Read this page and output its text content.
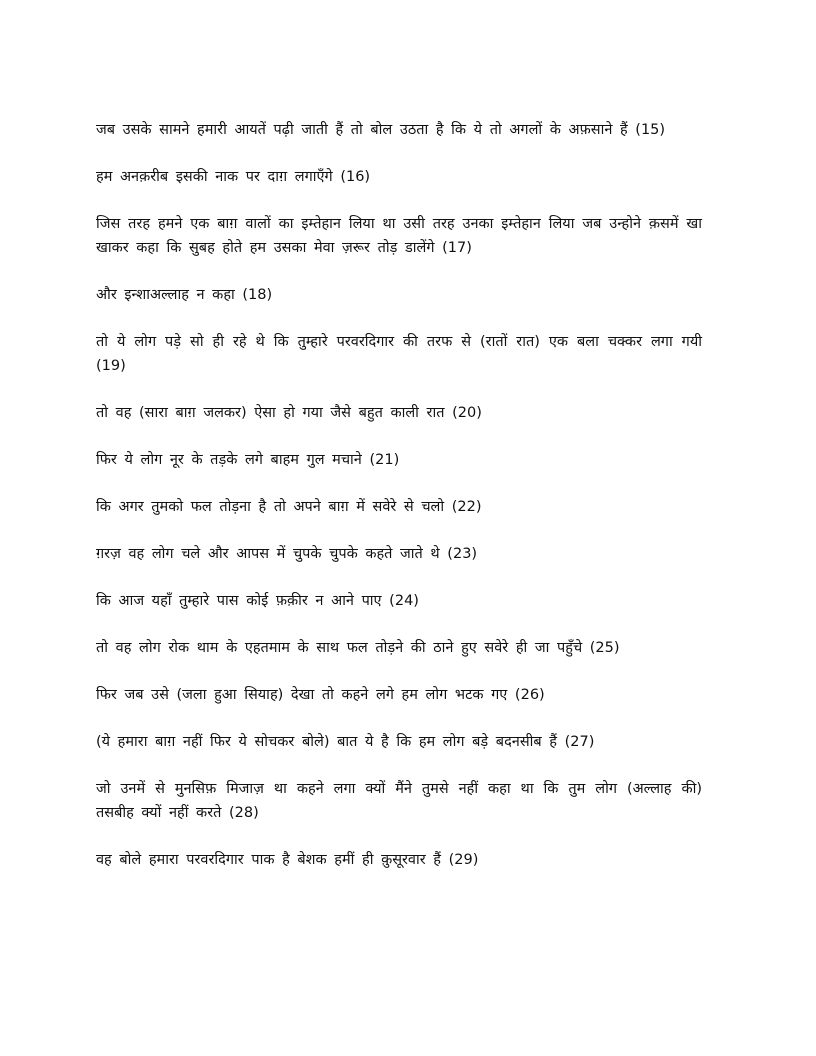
जब उसके सामने हमारी आयतें पढ़ी जाती हैं तो बोल उठता है कि ये तो अगलों के अफ़साने हैं (15)

हम अनक़रीब इसकी नाक पर दाग़ लगाएँगे (16)

जिस तरह हमने एक बाग़ वालों का इम्तेहान लिया था उसी तरह उनका इम्तेहान लिया जब उन्होने क़समें खा खाकर कहा कि सुबह होते हम उसका मेवा ज़रूर तोड़ डालेंगे (17)

और इन्शाअल्लाह न कहा (18)

तो ये लोग पड़े सो ही रहे थे कि तुम्हारे परवरदिगार की तरफ से (रातों रात) एक बला चक्कर लगा गयी (19)

तो वह (सारा बाग़ जलकर) ऐसा हो गया जैसे बहुत काली रात (20)

फिर ये लोग नूर के तड़के लगे बाहम गुल मचाने (21)

कि अगर तुमको फल तोड़ना है तो अपने बाग़ में सवेरे से चलो (22)

ग़रज़ वह लोग चले और आपस में चुपके चुपके कहते जाते थे (23)

कि आज यहाँ तुम्हारे पास कोई फ़क़ीर न आने पाए (24)

तो वह लोग रोक थाम के एहतमाम के साथ फल तोड़ने की ठाने हुए सवेरे ही जा पहुँचे (25)

फिर जब उसे (जला हुआ सियाह) देखा तो कहने लगे हम लोग भटक गए (26)

(ये हमारा बाग़ नहीं फिर ये सोचकर बोले) बात ये है कि हम लोग बड़े बदनसीब हैं (27)

जो उनमें से मुनसिफ़ मिजाज़ था कहने लगा क्यों मैंने तुमसे नहीं कहा था कि तुम लोग (अल्लाह की) तसबीह क्यों नहीं करते (28)

वह बोले हमारा परवरदिगार पाक है बेशक हमीं ही क़ुसूरवार हैं (29)
